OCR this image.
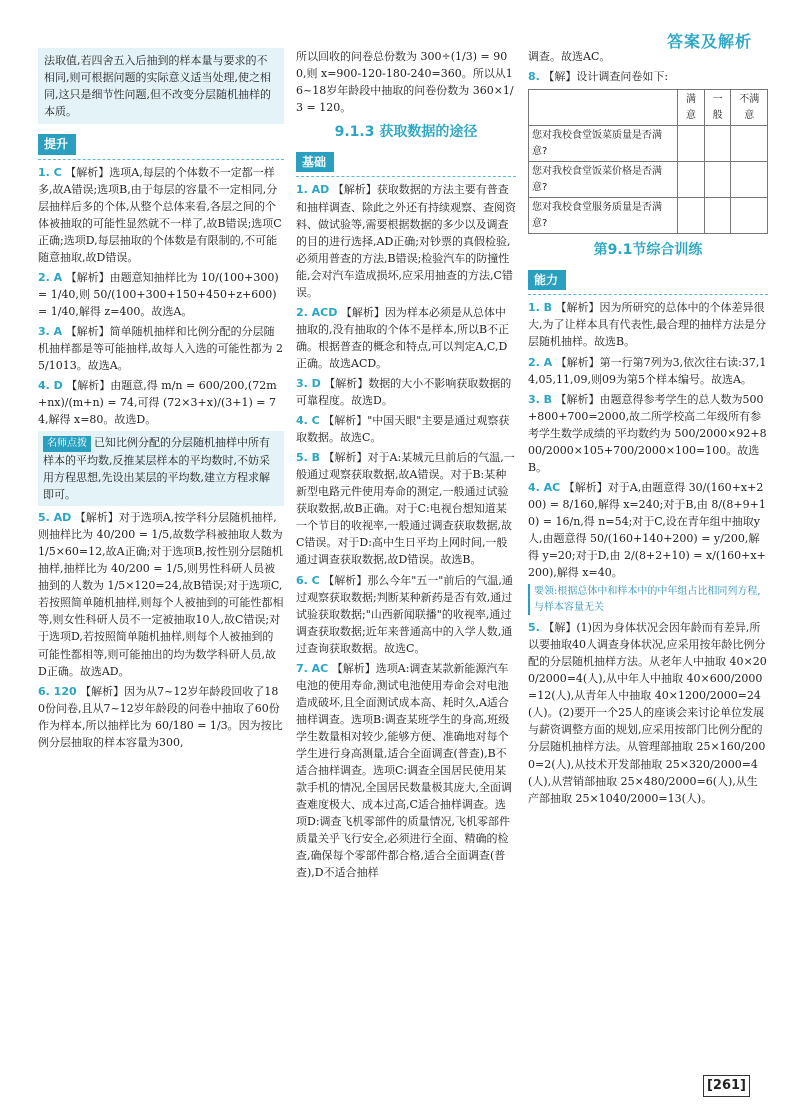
答案及解析
法取值,若四舍五入后抽到的样本量与要求的不相同,则可根据问题的实际意义适当处理,使之相同,这只是细节性问题,但不改变分层随机抽样的本质。
提升
1. C 【解析】选项A,每层的个体数不一定都一样多,故A错误;选项B,由于每层的容量不一定相同,分层抽样后多的个体,从整个总体来看,各层之间的个体被抽取的可能性显然就不一样了,故B错误;选项C正确;选项D,每层抽取的个体数是有限制的,不可能随意抽取,故D错误。
2. A 【解析】由题意知抽样比为 10/(100+300) = 1/40,则 50/(100+300+150+450+z+600) = 1/40,解得 z=400。故选A。
3. A 【解析】简单随机抽样和比例分配的分层随机抽样都是等可能抽样,故每人入选的可能性都为 25/1013。故选A。
4. D 【解析】由题意,得 m/n = 600/200,(72m+nx)/(m+n) = 74,可得 (72×3+x)/(3+1) = 74,解得 x=80。故选D。
名师点拨 已知比例分配的分层随机抽样中所有样本的平均数,反推某层样本的平均数时,不妨采用方程思想,先设出某层的平均数,建立方程求解即可。
5. AD 【解析】对于选项A,按学科分层随机抽样,则抽样比为 40/200 = 1/5,故数学科被抽取人数为 1/5×60=12,故A正确;对于选项B,按性别分层随机抽样,抽样比为 40/200 = 1/5,则男性科研人员被抽到的人数为 1/5×120=24,故B错误;对于选项C,若按照简单随机抽样,则每个人被抽到的可能性都相等,则女性科研人员不一定被抽取10人,故C错误;对于选项D,若按照简单随机抽样,则每个人被抽到的可能性都相等,则可能抽出的均为数学科研人员,故D正确。故选AD。
6. 120 【解析】因为从7~12岁年龄段回收了180份问卷,且从7~12岁年龄段的问卷中抽取了60份作为样本,所以抽样比为 60/180 = 1/3。因为按比例分层抽取的样本容量为300,
所以回收的问卷总份数为 300÷(1/3) = 900,则 x=900-120-180-240=360。所以从16~18岁年龄段中抽取的问卷份数为 360×1/3 = 120。
9.1.3 获取数据的途径
基础
1. AD 【解析】获取数据的方法主要有普查和抽样调查、除此之外还有持续观察、查阅资料、做试验等,需要根据数据的多少以及调查的目的进行选择,AD正确;对钞票的真假检验,必须用普查的方法,B错误;检验汽车的防撞性能,会对汽车造成损坏,应采用抽查的方法,C错误。
2. ACD 【解析】因为样本必须是从总体中抽取的,没有抽取的个体不是样本,所以B不正确。根据普查的概念和特点,可以判定A,C,D正确。故选ACD。
3. D 【解析】数据的大小不影响获取数据的可靠程度。故选D。
4. C 【解析】"中国天眼"主要是通过观察获取数据。故选C。
5. B 【解析】对于A:某城元旦前后的气温,一般通过观察获取数据,故A错误。对于B:某种新型电路元件使用寿命的测定,一般通过试验获取数据,故B正确。对于C:电视台想知道某一个节目的收视率,一般通过调查获取数据,故C错误。对于D:高中生日平均上网时间,一般通过调查获取数据,故D错误。故选B。
6. C 【解析】那么今年"五一"前后的气温,通过观察获取数据;判断某种新药是否有效,通过试验获取数据;"山西新闻联播"的收视率,通过调查获取数据;近年来普通高中的入学人数,通过查询获取数据。故选C。
7. AC 【解析】选项A:调查某款新能源汽车电池的使用寿命,测试电池使用寿命会对电池造成破坏,且全面测试成本高、耗时久,A适合抽样调查。选项B:调查某班学生的身高,班级学生数量相对较少,能够方便、准确地对每个学生进行身高测量,适合全面调查(普查),B不适合抽样调查。选项C:调查全国居民使用某款手机的情况,全国居民数量极其庞大,全面调查难度极大、成本过高,C适合抽样调查。选项D:调查飞机零部件的质量情况,飞机零部件质量关乎飞行安全,必须进行全面、精确的检查,确保每个零部件都合格,适合全面调查(普查),D不适合抽样
调查。故选AC。
8. 【解】设计调查问卷如下:
	满意	一般	不满意
您对我校食堂饭菜质量是否满意?			
您对我校食堂饭菜价格是否满意?			
您对我校食堂服务质量是否满意?			
第9.1节综合训练
能力
1. B 【解析】因为所研究的总体中的个体差异很大,为了让样本具有代表性,最合理的抽样方法是分层随机抽样。故选B。
2. A 【解析】第一行第7列为3,依次往右读:37,14,05,11,09,则09为第5个样本编号。故选A。
3. B 【解析】由题意得参考学生的总人数为500+800+700=2000,故二所学校高二年级所有参考学生数学成绩的平均数约为 500/2000×92+800/2000×105+700/2000×100=100。故选B。
4. AC 【解析】对于A,由题意得 30/(160+x+200) = 8/160,解得 x=240;对于B,由 8/(8+9+10) = 16/n,得 n=54;对于C,设在青年组中抽取y人,由题意得 50/(160+140+200) = y/200,解得 y=20;对于D,由 2/(8+2+10) = x/(160+x+200),解得 x=40。
要领:根据总体中和样本中的中年组占比相同列方程,与样本容量无关
5. 【解】(1)因为身体状况会因年龄而有差异,所以要抽取40人调查身体状况,应采用按年龄比例分配的分层随机抽样方法。从老年人中抽取 40×200/2000=4(人),从中年人中抽取 40×600/2000=12(人),从青年人中抽取 40×1200/2000=24(人)。(2)要开一个25人的座谈会来讨论单位发展与薪资调整方面的规划,应采用按部门比例分配的分层随机抽样方法。从管理部抽取 25×160/2000=2(人),从技术开发部抽取 25×320/2000=4(人),从营销部抽取 25×480/2000=6(人),从生产部抽取 25×1040/2000=13(人)。
[261]
